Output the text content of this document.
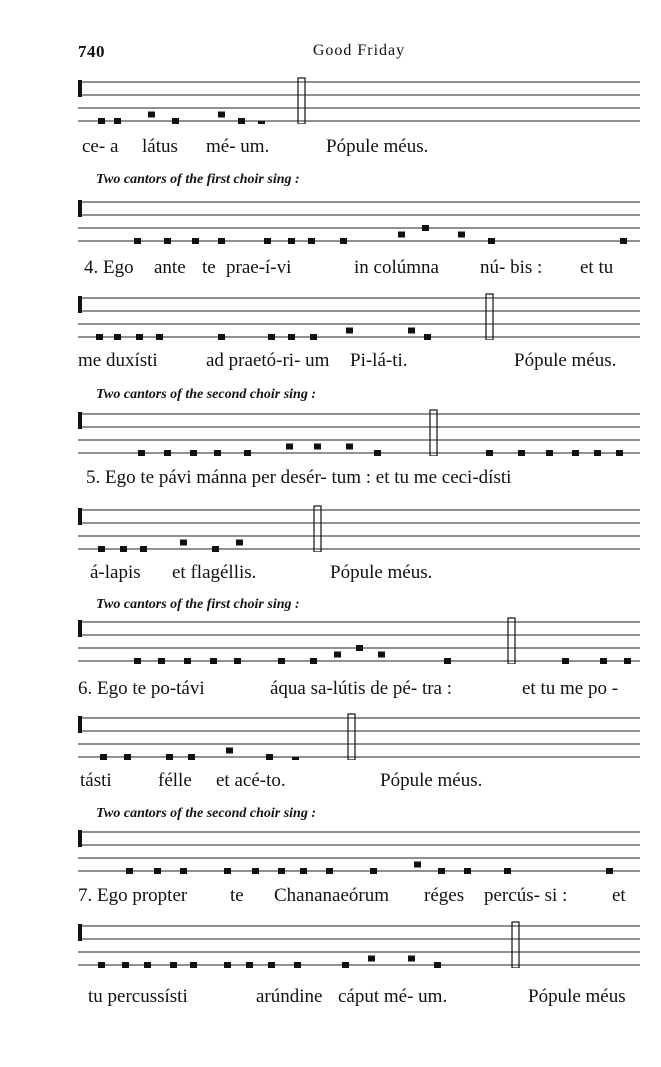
740	Good Friday
ce- a látus mé- um.	Pópule méus.
Two cantors of the first choir sing :
4. Ego ante te prae-í-vi	in colúmna nú- bis : et tu
me duxísti	ad praetó-ri- um Pi-lá-ti.	Pópule méus.
Two cantors of the second choir sing :
5. Ego te pávi mánna per desér- tum : et tu me ceci-dísti
á-lapis et flagéllis.	Pópule méus.
Two cantors of the first choir sing :
6. Ego te po-távi	áqua sa-lútis de pé- tra :	et tu me po -
tásti félle et acé-to.	Pópule méus.
Two cantors of the second choir sing :
7. Ego propter te Chananaeórum réges percús- si : et
tu percussísti	arúndine cáput mé- um.	Pópule méus
